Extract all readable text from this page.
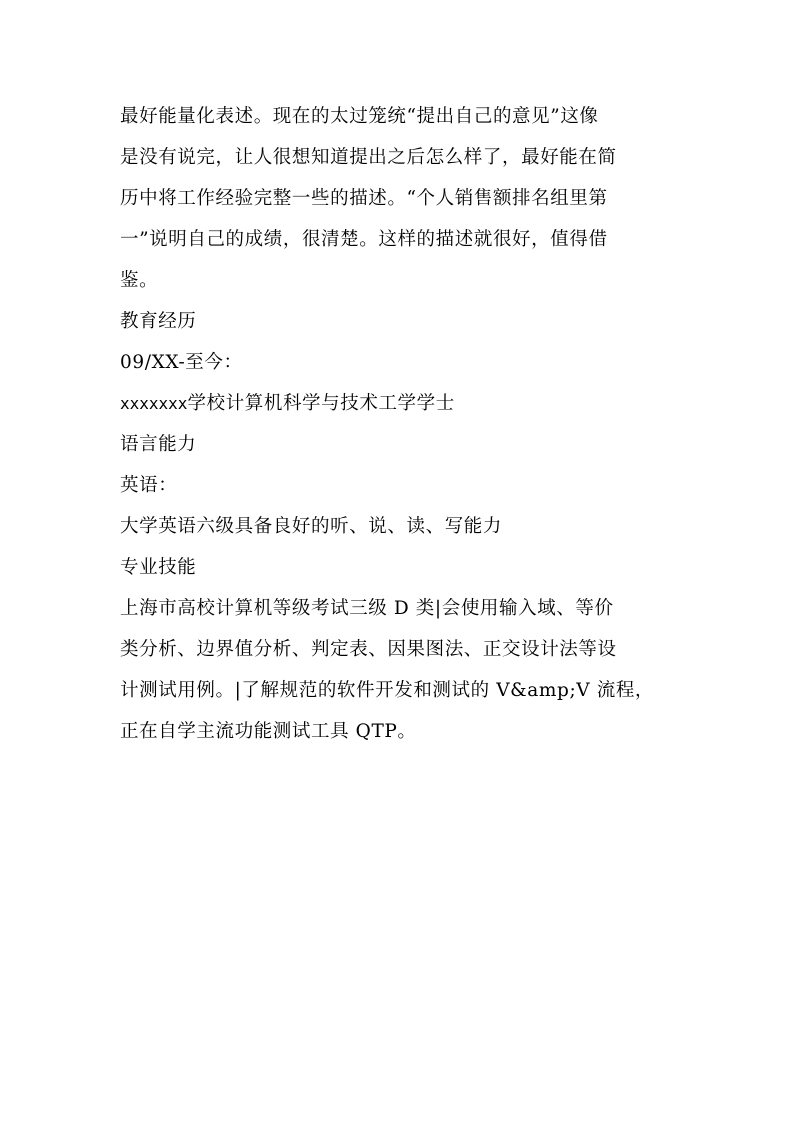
最好能量化表述。现在的太过笼统“提出自己的意见”这像

是没有说完，让人很想知道提出之后怎么样了，最好能在简

历中将工作经验完整一些的描述。“个人销售额排名组里第

一”说明自己的成绩，很清楚。这样的描述就很好，值得借

鉴。

教育经历

09/XX-至今：

xxxxxxx学校计算机科学与技术工学学士

语言能力

英语：

大学英语六级具备良好的听、说、读、写能力

专业技能

上海市高校计算机等级考试三级 D 类|会使用输入域、等价

类分析、边界值分析、判定表、因果图法、正交设计法等设

计测试用例。|了解规范的软件开发和测试的 V&amp;V 流程，

正在自学主流功能测试工具 QTP。
